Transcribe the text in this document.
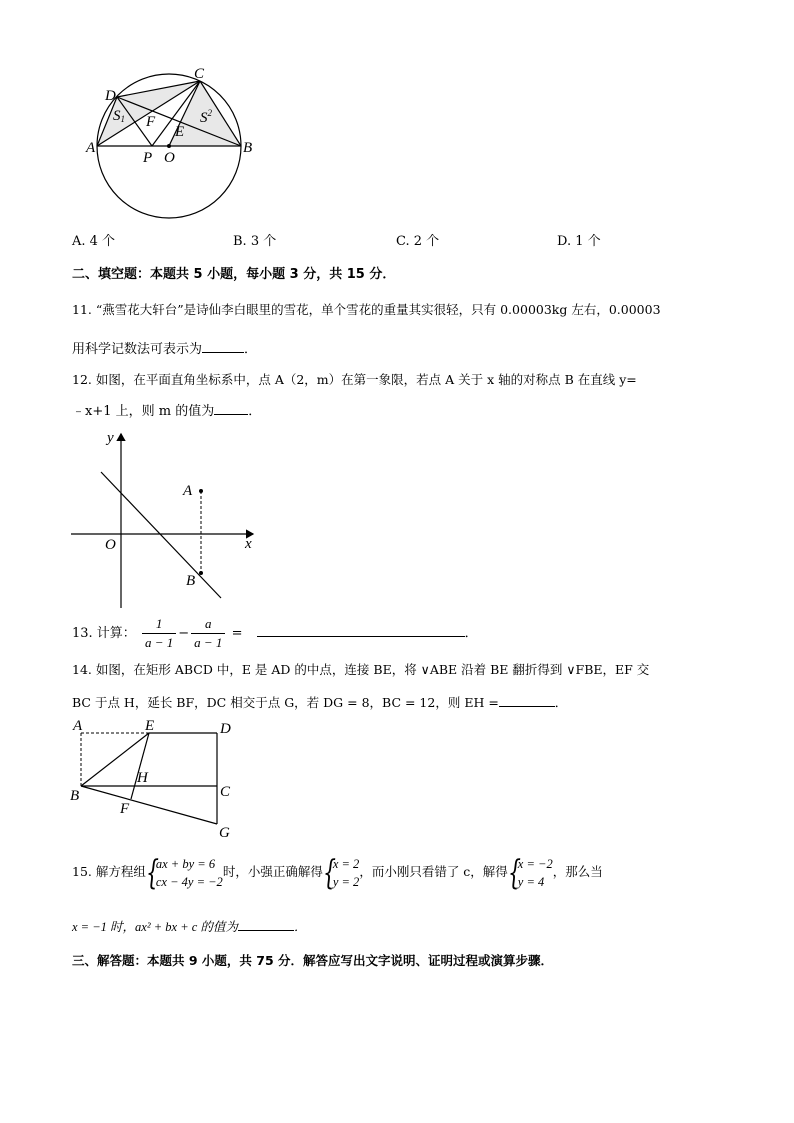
C
D
S1	$S^2$
F
E
A	B
P O
A. 4 个	B. 3 个	C. 2 个	D. 1 个
二、填空题：本题共 5 小题，每小题 3 分，共 15 分．
11. “燕雪花大轩台”是诗仙李白眼里的雪花，单个雪花的重量其实很轻，只有 0.00003kg 左右，0.00003
用科学记数法可表示为	．
12. 如图，在平面直角坐标系中，点 A（2，m）在第一象限，若点 A 关于 x 轴的对称点 B 在直线 y=
﹣x+1 上，则 m 的值为	．
y
x
O
A
B
13. 计算： $\frac{1}{a - 1} - \frac{a}{a - 1}$ =	．
14. 如图，在矩形 ABCD 中，E 是 AD 的中点，连接 BE，将 ∨ABE 沿着 BE 翻折得到 ∨FBE，EF 交
BC 于点 H，延长 BF，DC 相交于点 G，若 DG = 8，BC = 12，则 EH =	．
A	E	D
H
B	C
F
G
15. 解方程组 {
ax + by = 6
cx − 4y = −2
时，小强正确解得 {
x = 2
y = 2
，而小刚只看错了 c，解得 {
x = −2
y = 4
，那么当
x = −1 时，ax² + bx + c 的值为	．
三、解答题：本题共 9 小题，共 75 分．解答应写出文字说明、证明过程或演算步骤．
